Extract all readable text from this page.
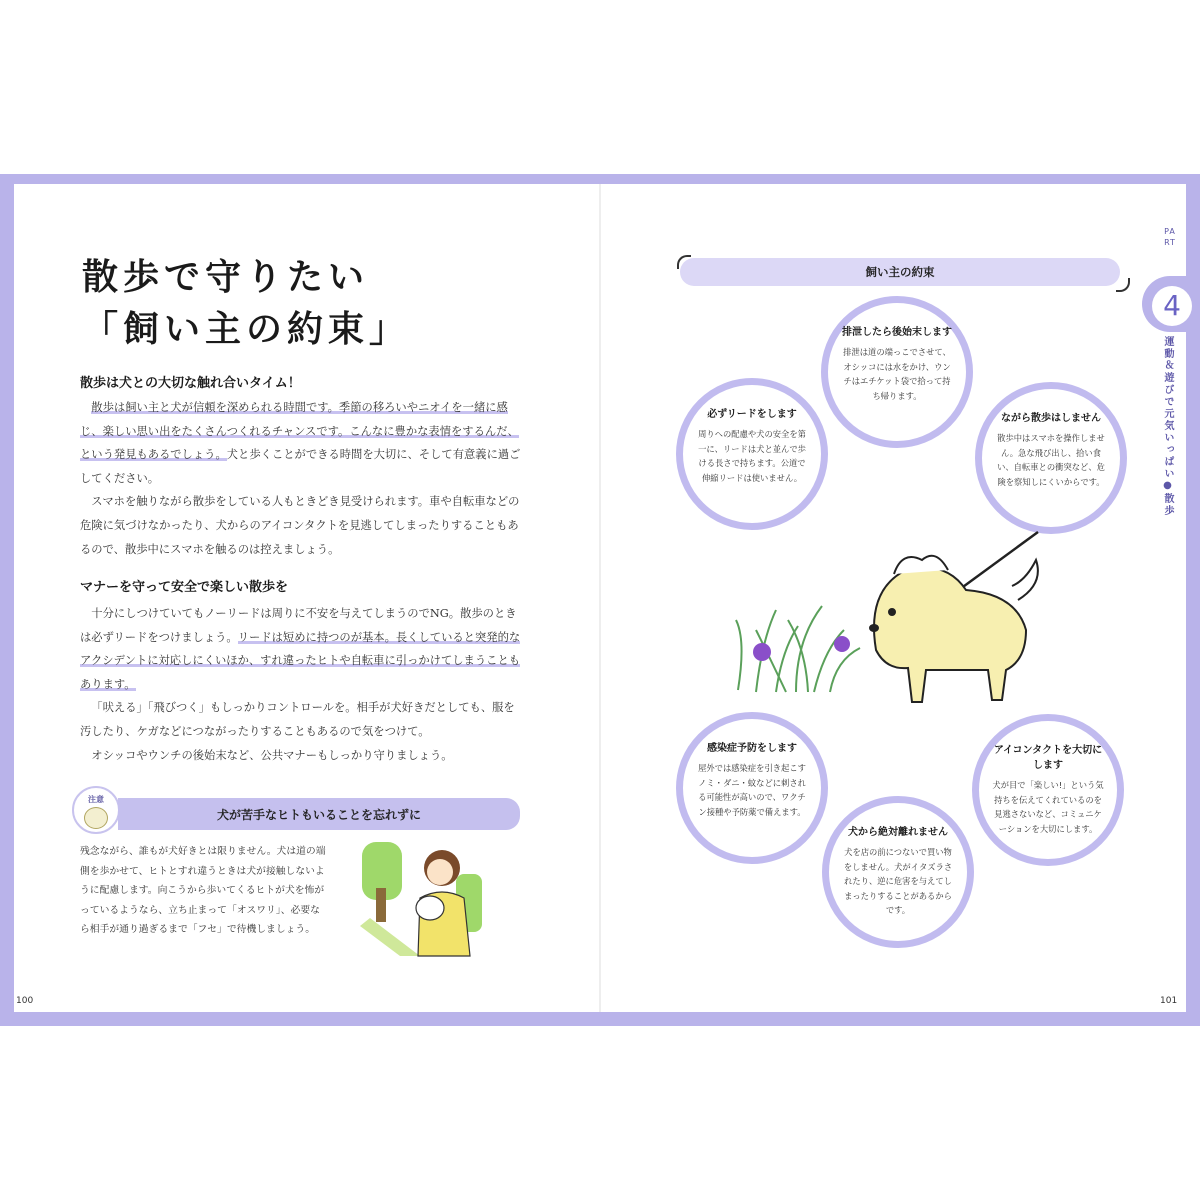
散歩で守りたい
「飼い主の約束」
散歩は犬との大切な触れ合いタイム！

散歩は飼い主と犬が信頼を深められる時間です。季節の移ろいやニオイを一緒に感じ、楽しい思い出をたくさんつくれるチャンスです。こんなに豊かな表情をするんだ、という発見もあるでしょう。犬と歩くことができる時間を大切に、そして有意義に過ごしてください。

スマホを触りながら散歩をしている人もときどき見受けられます。車や自転車などの危険に気づけなかったり、犬からのアイコンタクトを見逃してしまったりすることもあるので、散歩中にスマホを触るのは控えましょう。

マナーを守って安全で楽しい散歩を

十分にしつけていてもノーリードは周りに不安を与えてしまうのでNG。散歩のときは必ずリードをつけましょう。リードは短めに持つのが基本。長くしていると突発的なアクシデントに対応しにくいほか、すれ違ったヒトや自転車に引っかけてしまうこともあります。

「吠える」「飛びつく」もしっかりコントロールを。相手が犬好きだとしても、服を汚したり、ケガなどにつながったりすることもあるので気をつけて。

オシッコやウンチの後始末など、公共マナーもしっかり守りましょう。

注意
犬が苦手なヒトもいることを忘れずに
残念ながら、誰もが犬好きとは限りません。犬は道の端側を歩かせて、ヒトとすれ違うときは犬が接触しないように配慮します。向こうから歩いてくるヒトが犬を怖がっているようなら、立ち止まって「オスワリ」、必要なら相手が通り過ぎるまで「フセ」で待機しましょう。
飼い主の約束
排泄したら後始末します
排泄は道の端っこでさせて、オシッコには水をかけ、ウンチはエチケット袋で拾って持ち帰ります。
必ずリードをします
周りへの配慮や犬の安全を第一に、リードは犬と並んで歩ける長さで持ちます。公道で伸縮リードは使いません。
ながら散歩はしません
散歩中はスマホを操作しません。急な飛び出し、拾い食い、自転車との衝突など、危険を察知しにくいからです。
感染症予防をします
屋外では感染症を引き起こすノミ・ダニ・蚊などに刺される可能性が高いので、ワクチン接種や予防薬で備えます。
アイコンタクトを大切にします
犬が目で「楽しい!」という気持ちを伝えてくれているのを見逃さないなど、コミュニケーションを大切にします。
犬から絶対離れません
犬を店の前につないで買い物をしません。犬がイタズラされたり、逆に危害を与えてしまったりすることがあるからです。
PART
4
運動＆遊びで元気いっぱい●散歩
100	101
